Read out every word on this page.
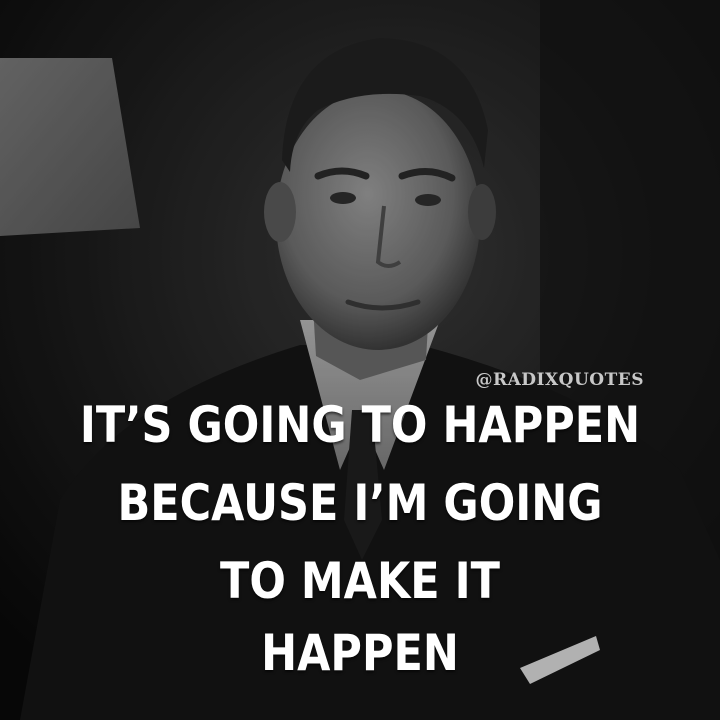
@RADIXQUOTES
IT’S GOING TO HAPPEN
BECAUSE I’M GOING
TO MAKE IT
HAPPEN
